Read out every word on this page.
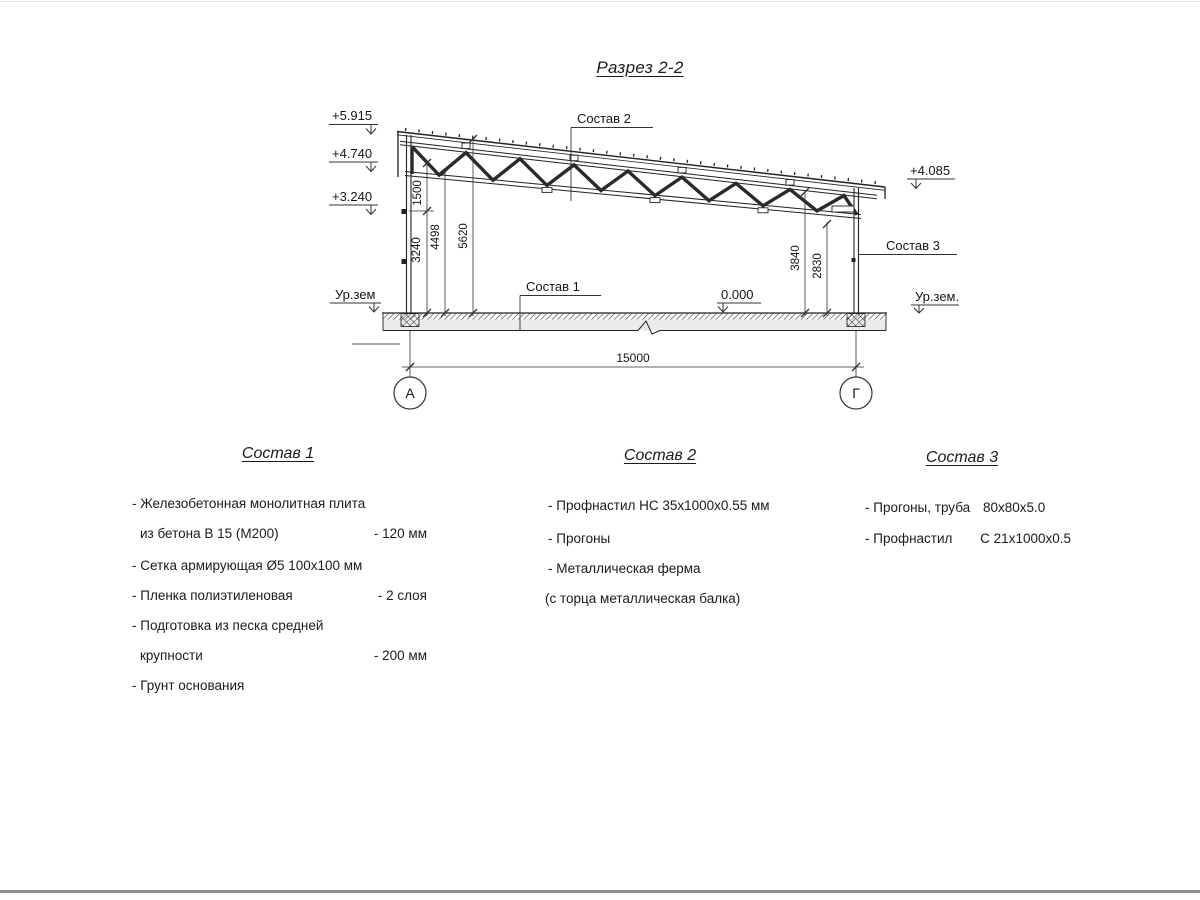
Разрез 2-2
1500
3240
4498 5620
3840 2830
15000
А	Г
+5.915
+4.740
+3.240
+4.085
Ур.зем	Ур.зем.
0.000
Состав 2
Состав 1
Состав 3
Состав 1
- Железобетонная монолитная плита

из бетона В 15 (М200)	- 120 мм
- Сетка армирующая Ø5 100х100 мм
- Пленка полиэтиленовая	- 2 слоя
- Подготовка из песка средней

крупности	- 200 мм
- Грунт основания
Состав 2
- Профнастил НС 35х1000х0.55 мм
- Прогоны
- Металлическая ферма

(с торца металлическая балка)
Состав 3
- Прогоны, труба 80х80х5.0
- Профнастил	С 21х1000х0.5
